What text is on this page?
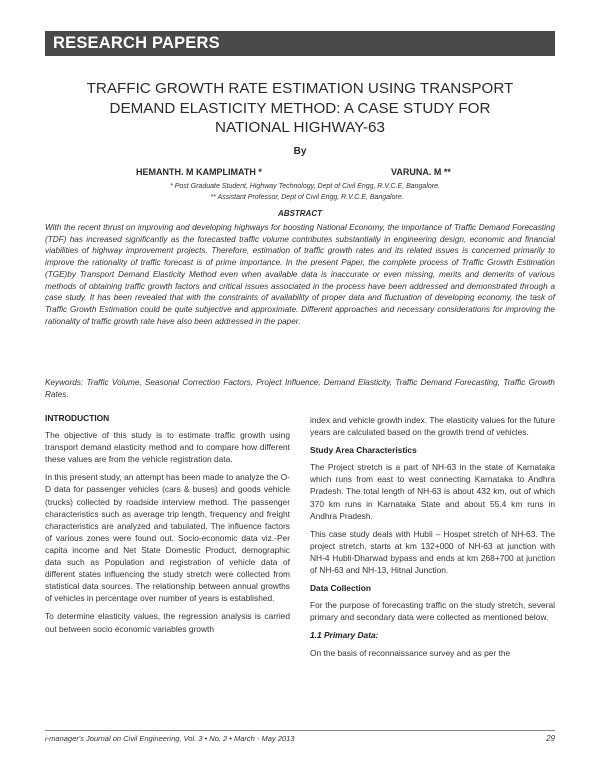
RESEARCH PAPERS
TRAFFIC GROWTH RATE ESTIMATION USING TRANSPORT
DEMAND ELASTICITY METHOD: A CASE STUDY FOR
NATIONAL HIGHWAY-63
By
HEMANTH. M KAMPLIMATH *	VARUNA. M **
* Post Graduate Student, Highway Technology, Dept of Civil Engg, R.V.C.E, Bangalore.
** Assistant Professor, Dept of Civil Engg, R.V.C.E, Bangalore.
ABSTRACT

With the recent thrust on improving and developing highways for boosting National Economy, the importance of Traffic Demand Forecasting (TDF) has increased significantly as the forecasted traffic volume contributes substantially in engineering design, economic and financial viabilities of highway improvement projects. Therefore, estimation of traffic growth rates and its related issues is concerned primarily to improve the rationality of traffic forecast is of prime importance. In the present Paper, the complete process of Traffic Growth Estimation (TGE)by Transport Demand Elasticity Method even when available data is inaccurate or even missing, merits and demerits of various methods of obtaining traffic growth factors and critical issues associated in the process have been addressed and demonstrated through a case study. It has been revealed that with the constraints of availability of proper data and fluctuation of developing economy, the task of Traffic Growth Estimation could be quite subjective and approximate. Different approaches and necessary considerations for improving the rationality of traffic growth rate have also been addressed in the paper.

Keywords: Traffic Volume, Seasonal Correction Factors, Project Influence, Demand Elasticity, Traffic Demand Forecasting, Traffic Growth Rates.

INTRODUCTION

The objective of this study is to estimate traffic growth using transport demand elasticity method and to compare how different these values are from the vehicle registration data.

In this present study, an attempt has been made to analyze the O-D data for passenger vehicles (cars & buses) and goods vehicle (trucks) collected by roadside interview method. The passenger characteristics such as average trip length, frequency and freight characteristics are analyzed and tabulated. The influence factors of various zones were found out. Socio-economic data viz.-Per capita income and Net State Domestic Product, demographic data such as Population and registration of vehicle data of different states influencing the study stretch were collected from statistical data sources. The relationship between annual growths of vehicles in percentage over number of years is established.

To determine elasticity values, the regression analysis is carried out between socio economic variables growth

index and vehicle growth index. The elasticity values for the future years are calculated based on the growth trend of vehicles.

Study Area Characteristics

The Project stretch is a part of NH-63 in the state of Karnataka which runs from east to west connecting Karnataka to Andhra Pradesh. The total length of NH-63 is about 432 km, out of which 370 km runs in Karnataka State and about 55.4 km runs in Andhra Pradesh.

This case study deals with Hubli – Hospet stretch of NH-63. The project stretch, starts at km 132+000 of NH-63 at junction with NH-4 Hubli-Dharwad bypass and ends at km 268+700 at junction of NH-63 and NH-13, Hitnal Junction.

Data Collection

For the purpose of forecasting traffic on the study stretch, several primary and secondary data were collected as mentioned below.

1.1 Primary Data:

On the basis of reconnaissance survey and as per the

i-manager's Journal on Civil Engineering, Vol. 3 • No. 2 • March - May 2013	29
